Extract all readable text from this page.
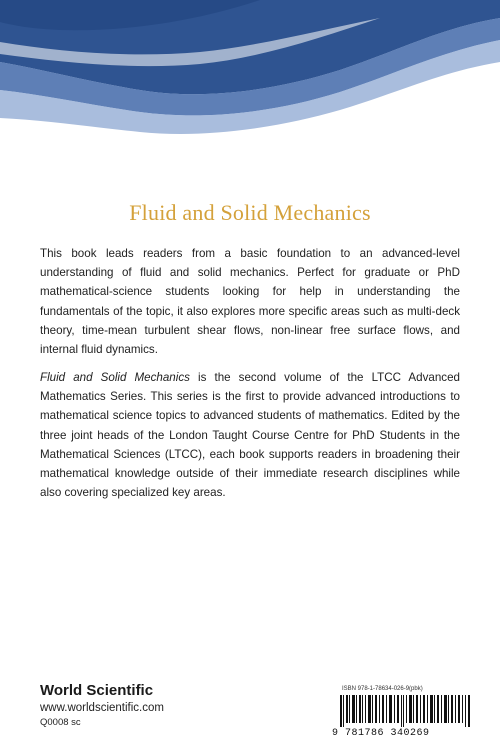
Fluid and Solid Mechanics

This book leads readers from a basic foundation to an advanced-level understanding of fluid and solid mechanics. Perfect for graduate or PhD mathematical-science students looking for help in understanding the fundamentals of the topic, it also explores more specific areas such as multi-deck theory, time-mean turbulent shear flows, non-linear free surface flows, and internal fluid dynamics.

Fluid and Solid Mechanics is the second volume of the LTCC Advanced Mathematics Series. This series is the first to provide advanced introductions to mathematical science topics to advanced students of mathematics. Edited by the three joint heads of the London Taught Course Centre for PhD Students in the Mathematical Sciences (LTCC), each book supports readers in broadening their mathematical knowledge outside of their immediate research disciplines while also covering specialized key areas.

World Scientific
www.worldscientific.com
Q0008 sc
ISBN 978-1-78634-026-9(pbk)
9 781786 340269
